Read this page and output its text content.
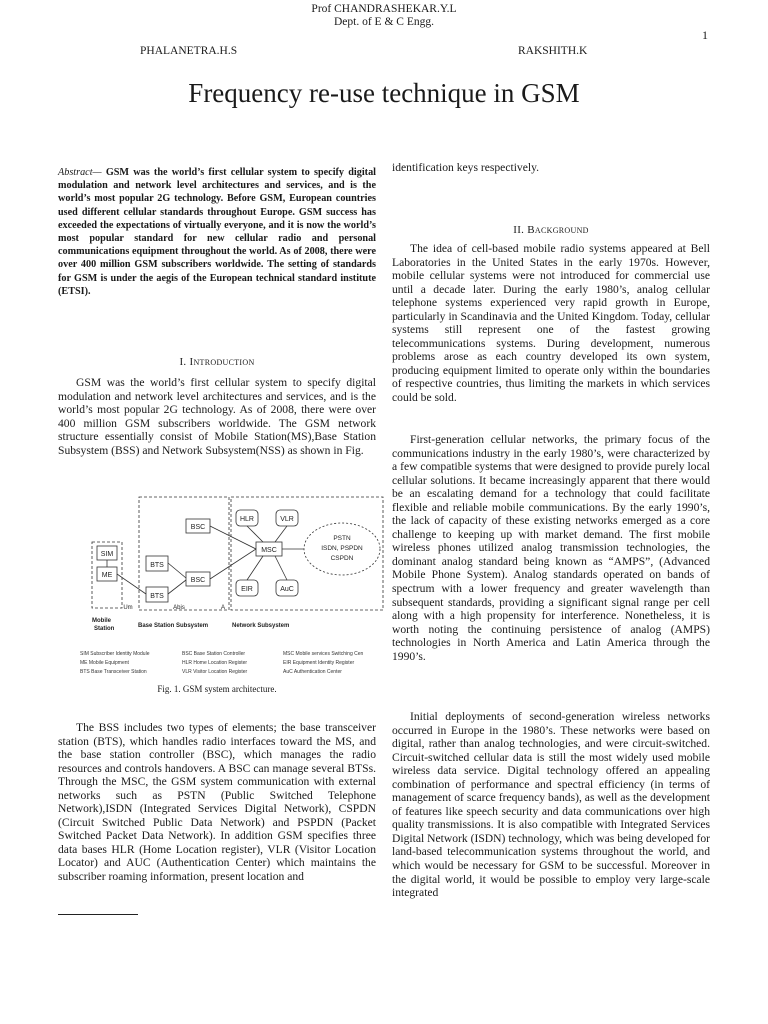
Prof CHANDRASHEKAR.Y.L
Dept. of E & C Engg.
1
PHALANETRA.H.S	RAKSHITH.K
Frequency re-use technique in GSM
Abstract— GSM was the world’s first cellular system to specify digital modulation and network level architectures and services, and is the world’s most popular 2G technology. Before GSM, European countries used different cellular standards throughout Europe. GSM success has exceeded the expectations of virtually everyone, and it is now the world’s most popular standard for new cellular radio and personal communications equipment throughout the world. As of 2008, there were over 400 million GSM subscribers worldwide. The setting of standards for GSM is under the aegis of the European technical standard institute (ETSI).
I. Introduction
GSM was the world’s first cellular system to specify digital modulation and network level architectures and services, and is the world’s most popular 2G technology. As of 2008, there were over 400 million GSM subscribers worldwide. The GSM network structure essentially consist of Mobile Station(MS),Base Station Subsystem (BSS) and Network Subsystem(NSS) as shown in Fig.
SIM
ME
BTS
BTS
BSC
BSC
MSC
HLR	VLR
EIR	AuC
PSTN
ISDN, PSPDN
CSPDN
Um	Abis	A
Mobile
Station	Base Station Subsystem	Network Subsystem
SIM Subscriber Identity Module	BSC Base Station Controller	MSC Mobile services Switching Cen
ME Mobile Equipment	HLR Home Location Register	EIR Equipment Identity Register
BTS Base Transceiver Station	VLR Visitor Location Register	AuC Authentication Center
Fig. 1. GSM system architecture.
The BSS includes two types of elements; the base transceiver station (BTS), which handles radio interfaces toward the MS, and the base station controller (BSC), which manages the radio resources and controls handovers. A BSC can manage several BTSs. Through the MSC, the GSM system communication with external networks such as PSTN (Public Switched Telephone Network),ISDN (Integrated Services Digital Network), CSPDN (Circuit Switched Public Data Network) and PSPDN (Packet Switched Packet Data Network). In addition GSM specifies three data bases HLR (Home Location register), VLR (Visitor Location Locator) and AUC (Authentication Center) which maintains the subscriber roaming information, present location and
identification keys respectively.
II. Background
The idea of cell-based mobile radio systems appeared at Bell Laboratories in the United States in the early 1970s. However, mobile cellular systems were not introduced for commercial use until a decade later. During the early 1980’s, analog cellular telephone systems experienced very rapid growth in Europe, particularly in Scandinavia and the United Kingdom. Today, cellular systems still represent one of the fastest growing telecommunications systems. During development, numerous problems arose as each country developed its own system, producing equipment limited to operate only within the boundaries of respective countries, thus limiting the markets in which services could be sold.
First-generation cellular networks, the primary focus of the communications industry in the early 1980’s, were characterized by a few compatible systems that were designed to provide purely local cellular solutions. It became increasingly apparent that there would be an escalating demand for a technology that could facilitate flexible and reliable mobile communications. By the early 1990’s, the lack of capacity of these existing networks emerged as a core challenge to keeping up with market demand. The first mobile wireless phones utilized analog transmission technologies, the dominant analog standard being known as “AMPS”, (Advanced Mobile Phone System). Analog standards operated on bands of spectrum with a lower frequency and greater wavelength than subsequent standards, providing a significant signal range per cell along with a high propensity for interference. Nonetheless, it is worth noting the continuing persistence of analog (AMPS) technologies in North America and Latin America through the 1990’s.
Initial deployments of second-generation wireless networks occurred in Europe in the 1980’s. These networks were based on digital, rather than analog technologies, and were circuit-switched. Circuit-switched cellular data is still the most widely used mobile wireless data service. Digital technology offered an appealing combination of performance and spectral efficiency (in terms of management of scarce frequency bands), as well as the development of features like speech security and data communications over high quality transmissions. It is also compatible with Integrated Services Digital Network (ISDN) technology, which was being developed for land-based telecommunication systems throughout the world, and which would be necessary for GSM to be successful. Moreover in the digital world, it would be possible to employ very large-scale integrated
